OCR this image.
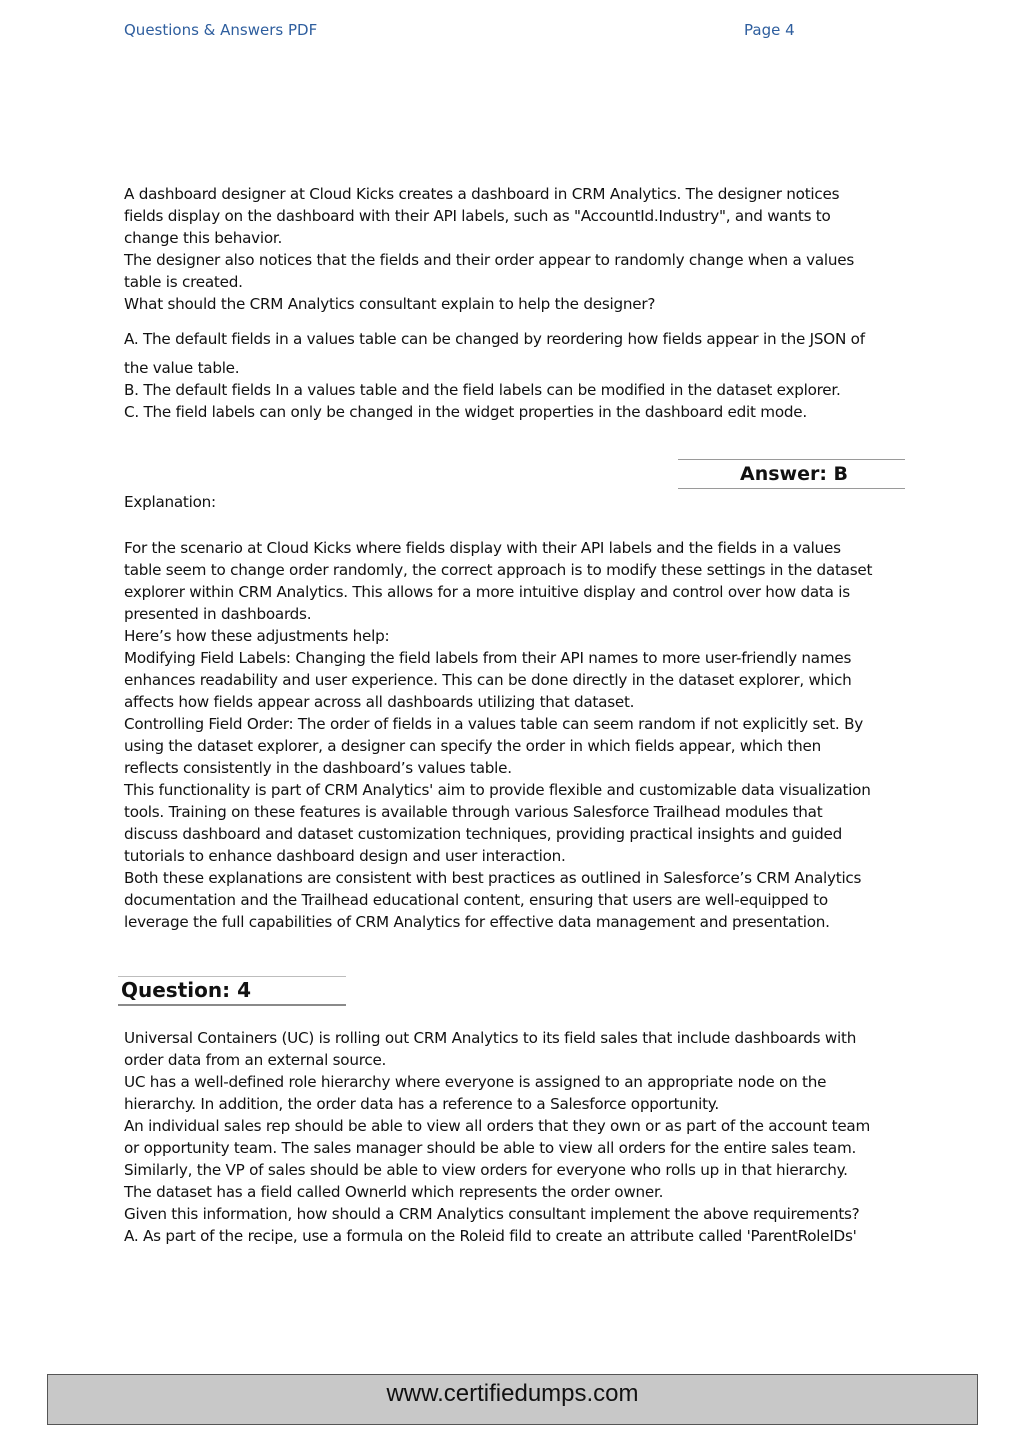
Questions & Answers PDF	Page 4
A dashboard designer at Cloud Kicks creates a dashboard in CRM Analytics. The designer notices
fields display on the dashboard with their API labels, such as "AccountId.Industry", and wants to
change this behavior.
The designer also notices that the fields and their order appear to randomly change when a values
table is created.
What should the CRM Analytics consultant explain to help the designer?
A. The default fields in a values table can be changed by reordering how fields appear in the JSON of
the value table.
B. The default fields In a values table and the field labels can be modified in the dataset explorer.
C. The field labels can only be changed in the widget properties in the dashboard edit mode.
Answer: B
Explanation:
For the scenario at Cloud Kicks where fields display with their API labels and the fields in a values
table seem to change order randomly, the correct approach is to modify these settings in the dataset
explorer within CRM Analytics. This allows for a more intuitive display and control over how data is
presented in dashboards.
Here’s how these adjustments help:
Modifying Field Labels: Changing the field labels from their API names to more user-friendly names
enhances readability and user experience. This can be done directly in the dataset explorer, which
affects how fields appear across all dashboards utilizing that dataset.
Controlling Field Order: The order of fields in a values table can seem random if not explicitly set. By
using the dataset explorer, a designer can specify the order in which fields appear, which then
reflects consistently in the dashboard’s values table.
This functionality is part of CRM Analytics' aim to provide flexible and customizable data visualization
tools. Training on these features is available through various Salesforce Trailhead modules that
discuss dashboard and dataset customization techniques, providing practical insights and guided
tutorials to enhance dashboard design and user interaction.
Both these explanations are consistent with best practices as outlined in Salesforce’s CRM Analytics
documentation and the Trailhead educational content, ensuring that users are well-equipped to
leverage the full capabilities of CRM Analytics for effective data management and presentation.
Question: 4
Universal Containers (UC) is rolling out CRM Analytics to its field sales that include dashboards with
order data from an external source.
UC has a well-defined role hierarchy where everyone is assigned to an appropriate node on the
hierarchy. In addition, the order data has a reference to a Salesforce opportunity.
An individual sales rep should be able to view all orders that they own or as part of the account team
or opportunity team. The sales manager should be able to view all orders for the entire sales team.
Similarly, the VP of sales should be able to view orders for everyone who rolls up in that hierarchy.
The dataset has a field called Ownerld which represents the order owner.
Given this information, how should a CRM Analytics consultant implement the above requirements?
A. As part of the recipe, use a formula on the Roleid fild to create an attribute called 'ParentRoleIDs'
www.certifiedumps.com
